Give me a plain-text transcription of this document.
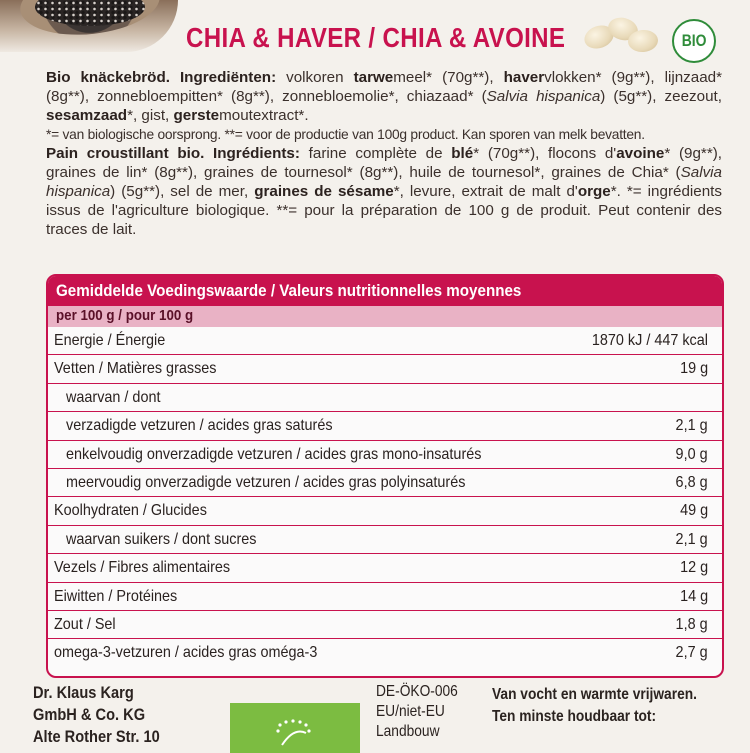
CHIA & HAVER / CHIA & AVOINE	BIO

Bio knäckebröd. Ingrediënten: volkoren tarwemeel* (70g**), havervlokken* (9g**), lijnzaad* (8g**), zonnebloempitten* (8g**), zonnebloemolie*, chiazaad* (Salvia hispanica) (5g**), zeezout, sesamzaad*, gist, gerstemoutextract*.

*= van biologische oorsprong. **= voor de productie van 100g product. Kan sporen van melk bevatten.

Pain croustillant bio. Ingrédients: farine complète de blé* (70g**), flocons d'avoine* (9g**), graines de lin* (8g**), graines de tournesol* (8g**), huile de tournesol*, graines de Chia* (Salvia hispanica) (5g**), sel de mer, graines de sésame*, levure, extrait de malt d'orge*. *= ingrédients issus de l'agriculture biologique. **= pour la préparation de 100 g de produit. Peut contenir des traces de lait.

Gemiddelde Voedingswaarde / Valeurs nutritionnelles moyennes
per 100 g / pour 100 g
Energie / Énergie	1870 kJ / 447 kcal
Vetten / Matières grasses	19 g
waarvan / dont
verzadigde vetzuren / acides gras saturés	2,1 g
enkelvoudig onverzadigde vetzuren / acides gras mono-insaturés	9,0 g
meervoudig onverzadigde vetzuren / acides gras polyinsaturés	6,8 g
Koolhydraten / Glucides	49 g
waarvan suikers / dont sucres	2,1 g
Vezels / Fibres alimentaires	12 g
Eiwitten / Protéines	14 g
Zout / Sel	1,8 g
omega-3-vetzuren / acides gras oméga-3	2,7 g
Dr. Klaus Karg
GmbH & Co. KG
Alte Rother Str. 10
DE-ÖKO-006
EU/niet-EU
Landbouw
Van vocht en warmte vrijwaren.
Ten minste houdbaar tot:
